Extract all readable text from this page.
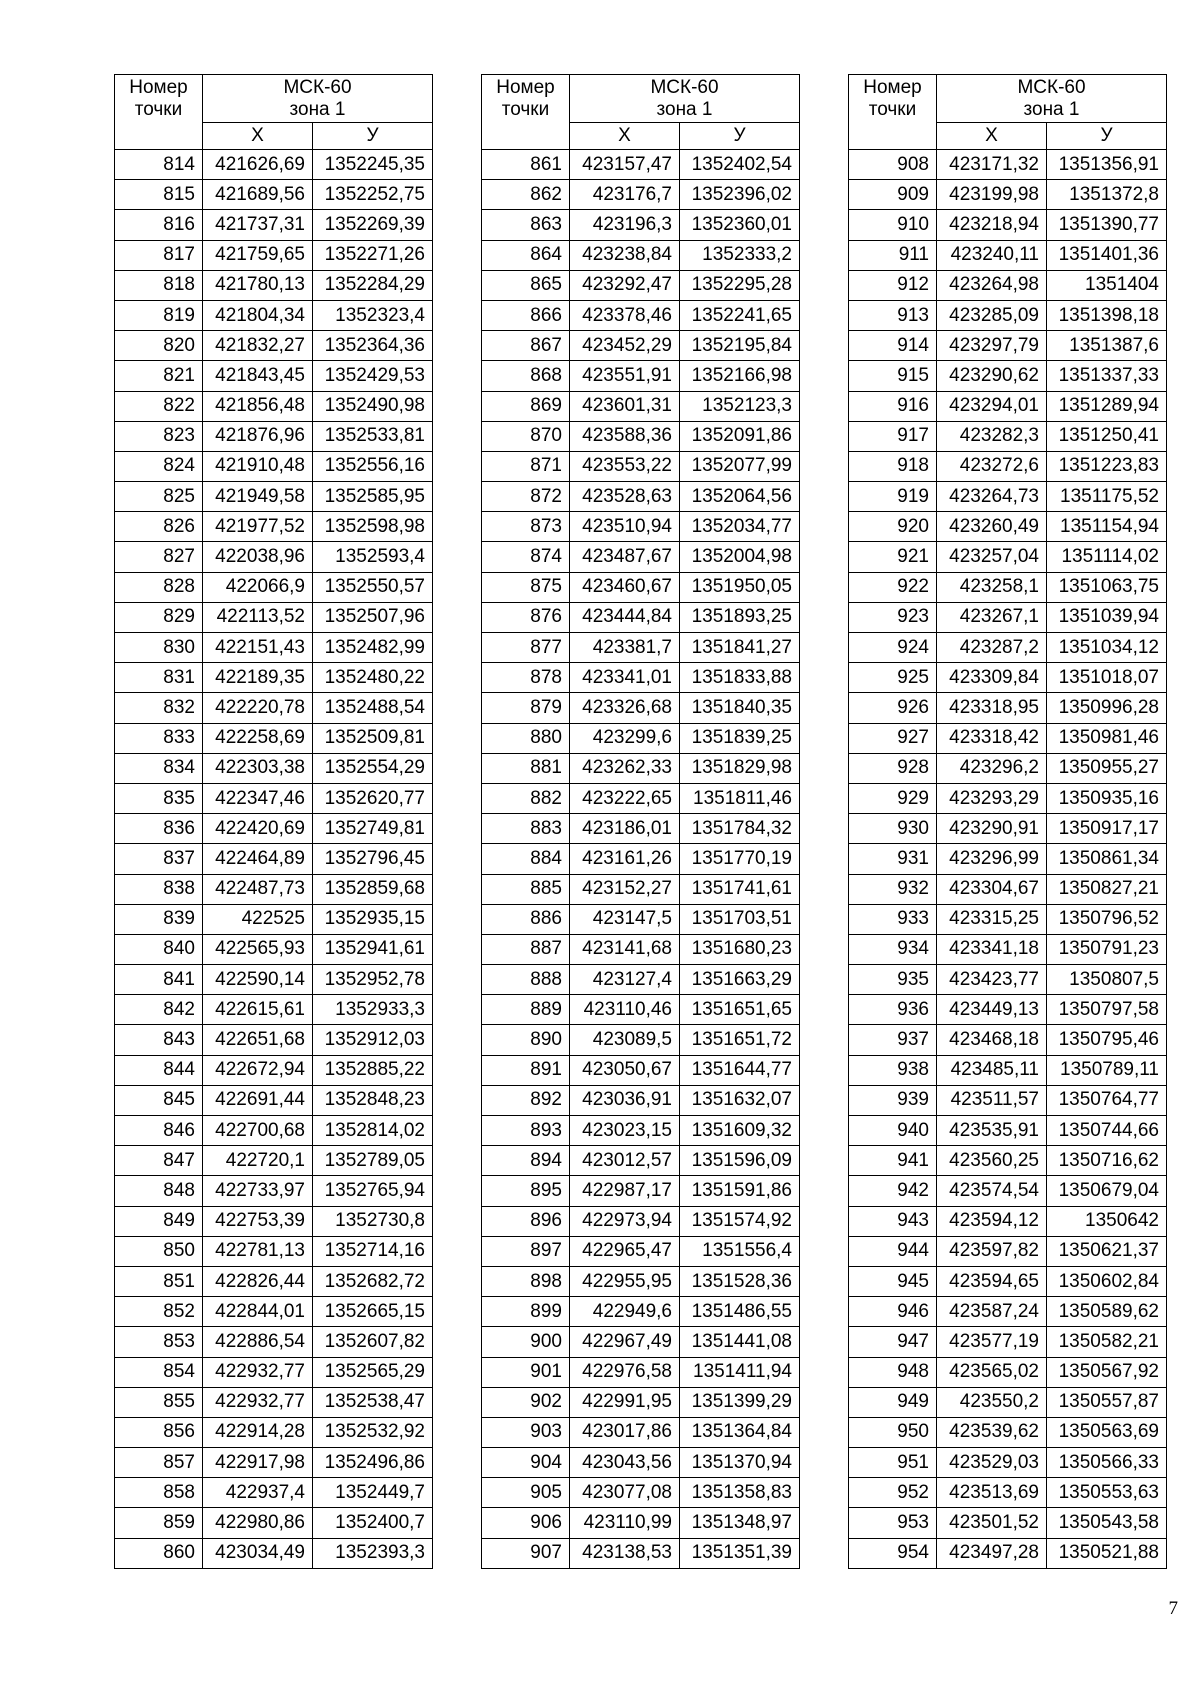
Номер
точки	МСК-60
зона 1	
	X	У
814	421626,69	1352245,35
815	421689,56	1352252,75
816	421737,31	1352269,39
817	421759,65	1352271,26
818	421780,13	1352284,29
819	421804,34	1352323,4
820	421832,27	1352364,36
821	421843,45	1352429,53
822	421856,48	1352490,98
823	421876,96	1352533,81
824	421910,48	1352556,16
825	421949,58	1352585,95
826	421977,52	1352598,98
827	422038,96	1352593,4
828	422066,9	1352550,57
829	422113,52	1352507,96
830	422151,43	1352482,99
831	422189,35	1352480,22
832	422220,78	1352488,54
833	422258,69	1352509,81
834	422303,38	1352554,29
835	422347,46	1352620,77
836	422420,69	1352749,81
837	422464,89	1352796,45
838	422487,73	1352859,68
839	422525	1352935,15
840	422565,93	1352941,61
841	422590,14	1352952,78
842	422615,61	1352933,3
843	422651,68	1352912,03
844	422672,94	1352885,22
845	422691,44	1352848,23
846	422700,68	1352814,02
847	422720,1	1352789,05
848	422733,97	1352765,94
849	422753,39	1352730,8
850	422781,13	1352714,16
851	422826,44	1352682,72
852	422844,01	1352665,15
853	422886,54	1352607,82
854	422932,77	1352565,29
855	422932,77	1352538,47
856	422914,28	1352532,92
857	422917,98	1352496,86
858	422937,4	1352449,7
859	422980,86	1352400,7
860	423034,49	1352393,3
Номер
точки	МСК-60
зона 1	
	X	У
861	423157,47	1352402,54
862	423176,7	1352396,02
863	423196,3	1352360,01
864	423238,84	1352333,2
865	423292,47	1352295,28
866	423378,46	1352241,65
867	423452,29	1352195,84
868	423551,91	1352166,98
869	423601,31	1352123,3
870	423588,36	1352091,86
871	423553,22	1352077,99
872	423528,63	1352064,56
873	423510,94	1352034,77
874	423487,67	1352004,98
875	423460,67	1351950,05
876	423444,84	1351893,25
877	423381,7	1351841,27
878	423341,01	1351833,88
879	423326,68	1351840,35
880	423299,6	1351839,25
881	423262,33	1351829,98
882	423222,65	1351811,46
883	423186,01	1351784,32
884	423161,26	1351770,19
885	423152,27	1351741,61
886	423147,5	1351703,51
887	423141,68	1351680,23
888	423127,4	1351663,29
889	423110,46	1351651,65
890	423089,5	1351651,72
891	423050,67	1351644,77
892	423036,91	1351632,07
893	423023,15	1351609,32
894	423012,57	1351596,09
895	422987,17	1351591,86
896	422973,94	1351574,92
897	422965,47	1351556,4
898	422955,95	1351528,36
899	422949,6	1351486,55
900	422967,49	1351441,08
901	422976,58	1351411,94
902	422991,95	1351399,29
903	423017,86	1351364,84
904	423043,56	1351370,94
905	423077,08	1351358,83
906	423110,99	1351348,97
907	423138,53	1351351,39
Номер
точки	МСК-60
зона 1	
	X	У
908	423171,32	1351356,91
909	423199,98	1351372,8
910	423218,94	1351390,77
911	423240,11	1351401,36
912	423264,98	1351404
913	423285,09	1351398,18
914	423297,79	1351387,6
915	423290,62	1351337,33
916	423294,01	1351289,94
917	423282,3	1351250,41
918	423272,6	1351223,83
919	423264,73	1351175,52
920	423260,49	1351154,94
921	423257,04	1351114,02
922	423258,1	1351063,75
923	423267,1	1351039,94
924	423287,2	1351034,12
925	423309,84	1351018,07
926	423318,95	1350996,28
927	423318,42	1350981,46
928	423296,2	1350955,27
929	423293,29	1350935,16
930	423290,91	1350917,17
931	423296,99	1350861,34
932	423304,67	1350827,21
933	423315,25	1350796,52
934	423341,18	1350791,23
935	423423,77	1350807,5
936	423449,13	1350797,58
937	423468,18	1350795,46
938	423485,11	1350789,11
939	423511,57	1350764,77
940	423535,91	1350744,66
941	423560,25	1350716,62
942	423574,54	1350679,04
943	423594,12	1350642
944	423597,82	1350621,37
945	423594,65	1350602,84
946	423587,24	1350589,62
947	423577,19	1350582,21
948	423565,02	1350567,92
949	423550,2	1350557,87
950	423539,62	1350563,69
951	423529,03	1350566,33
952	423513,69	1350553,63
953	423501,52	1350543,58
954	423497,28	1350521,88
7
